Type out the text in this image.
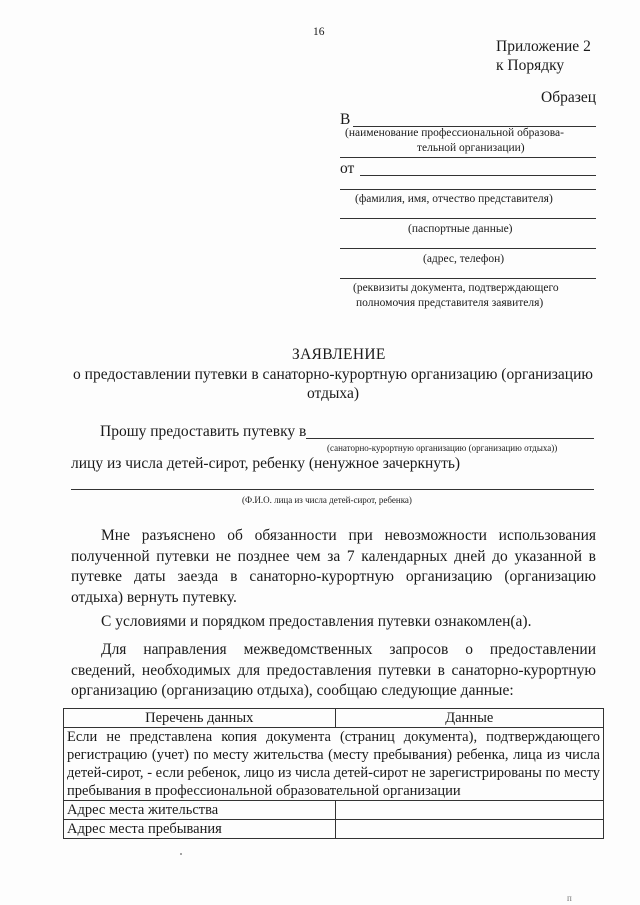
16
Приложение 2
к Порядку
Образец
В
(наименование профессиональной образова-
тельной организации)
от
(фамилия, имя, отчество представителя)
(паспортные данные)
(адрес, телефон)
(реквизиты документа, подтверждающего
полномочия представителя заявителя)
ЗАЯВЛЕНИЕ
о предоставлении путевки в санаторно-курортную организацию (организацию
отдыха)
Прошу предоставить путевку в
(санаторно-курортную организацию (организацию отдыха))
лицу из числа детей-сирот, ребенку (ненужное зачеркнуть)
(Ф.И.О. лица из числа детей-сирот, ребенка)
Мне разъяснено об обязанности при невозможности использования полученной путевки не позднее чем за 7 календарных дней до указанной в путевке даты заезда в санаторно-курортную организацию (организацию отдыха) вернуть путевку.
С условиями и порядком предоставления путевки ознакомлен(а).
Для направления межведомственных запросов о предоставлении сведений, необходимых для предоставления путевки в санаторно-курортную организацию (организацию отдыха), сообщаю следующие данные:
Перечень данных	Данные
Если не представлена копия документа (страниц документа), подтверждающего регистрацию (учет) по месту жительства (месту пребывания) ребенка, лица из числа детей-сирот, - если ребенок, лицо из числа детей-сирот не зарегистрированы по месту пребывания в профессиональной образовательной организации	
Адрес места жительства	
Адрес места пребывания	
п
